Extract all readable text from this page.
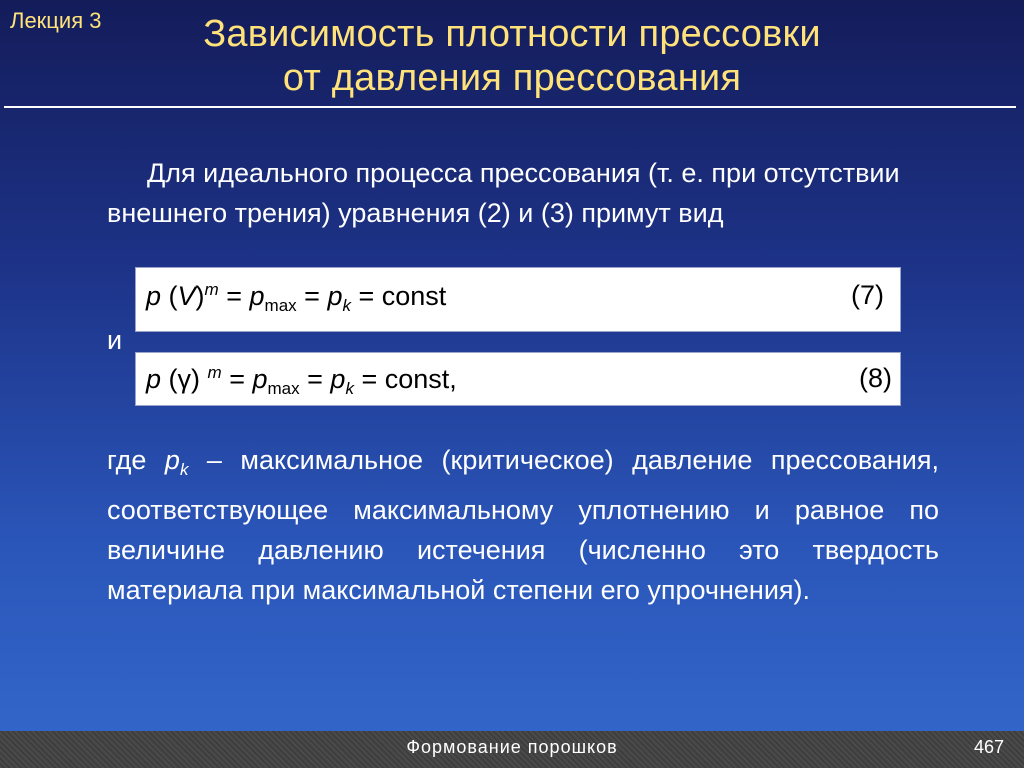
Лекция 3	Зависимость плотности прессовки
от давления прессования
Для идеального процесса прессования (т. е. при отсутствии внешнего трения) уравнения (2) и (3) примут вид
p $(V)^m = p_{max} = p_k$ = const	(7)
и
p (γ) $^m = p_{max} = p_k$ = const,	(8)
где $p_k$ – максимальное (критическое) давление прессования, соответствующее максимальному уплотнению и равное по величине давлению истечения (численно это твердость материала при максимальной степени его упрочнения).
Формование порошков	467
